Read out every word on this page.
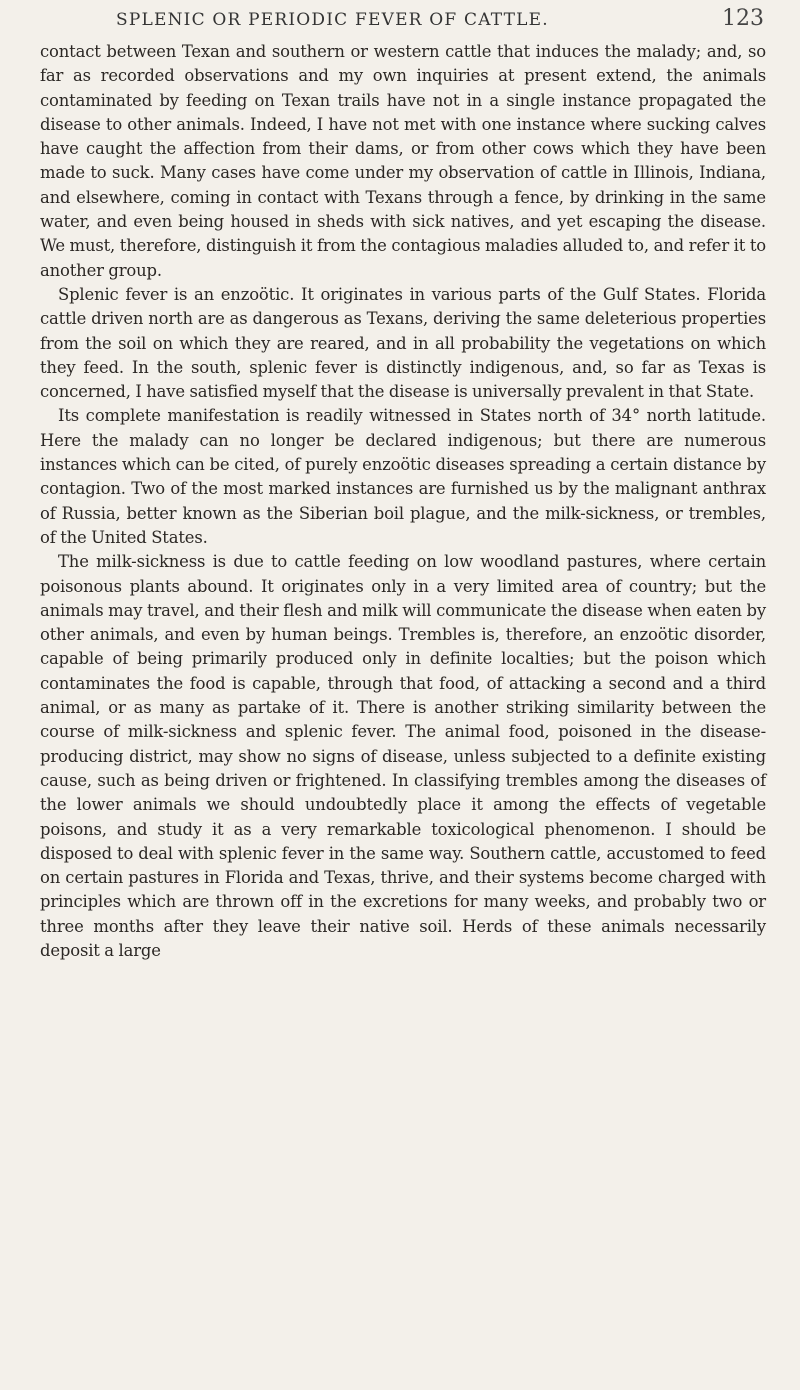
SPLENIC OR PERIODIC FEVER OF CATTLE.	123

contact between Texan and southern or western cattle that induces the malady; and, so far as recorded observations and my own inquiries at present extend, the animals contaminated by feeding on Texan trails have not in a single instance propagated the disease to other animals. Indeed, I have not met with one instance where sucking calves have caught the affection from their dams, or from other cows which they have been made to suck. Many cases have come under my observation of cattle in Illinois, Indiana, and elsewhere, coming in contact with Texans through a fence, by drinking in the same water, and even being housed in sheds with sick natives, and yet escaping the disease. We must, therefore, distinguish it from the contagious maladies alluded to, and refer it to another group.

Splenic fever is an enzoötic. It originates in various parts of the Gulf States. Florida cattle driven north are as dangerous as Texans, deriving the same deleterious properties from the soil on which they are reared, and in all probability the vegetations on which they feed. In the south, splenic fever is distinctly indigenous, and, so far as Texas is concerned, I have satisfied myself that the disease is universally prevalent in that State.

Its complete manifestation is readily witnessed in States north of 34° north latitude. Here the malady can no longer be declared indigenous; but there are numerous instances which can be cited, of purely enzoötic diseases spreading a certain distance by contagion. Two of the most marked instances are furnished us by the malignant anthrax of Russia, better known as the Siberian boil plague, and the milk-sickness, or trembles, of the United States.

The milk-sickness is due to cattle feeding on low woodland pastures, where certain poisonous plants abound. It originates only in a very limited area of country; but the animals may travel, and their flesh and milk will communicate the disease when eaten by other animals, and even by human beings. Trembles is, therefore, an enzoötic disorder, capable of being primarily produced only in definite localties; but the poison which contaminates the food is capable, through that food, of attacking a second and a third animal, or as many as partake of it. There is another striking similarity between the course of milk-sickness and splenic fever. The animal food, poisoned in the disease-producing district, may show no signs of disease, unless subjected to a definite existing cause, such as being driven or frightened. In classifying trembles among the diseases of the lower animals we should undoubtedly place it among the effects of vegetable poisons, and study it as a very remarkable toxicological phenomenon. I should be disposed to deal with splenic fever in the same way. Southern cattle, accustomed to feed on certain pastures in Florida and Texas, thrive, and their systems become charged with principles which are thrown off in the excretions for many weeks, and probably two or three months after they leave their native soil. Herds of these animals necessarily deposit a large
